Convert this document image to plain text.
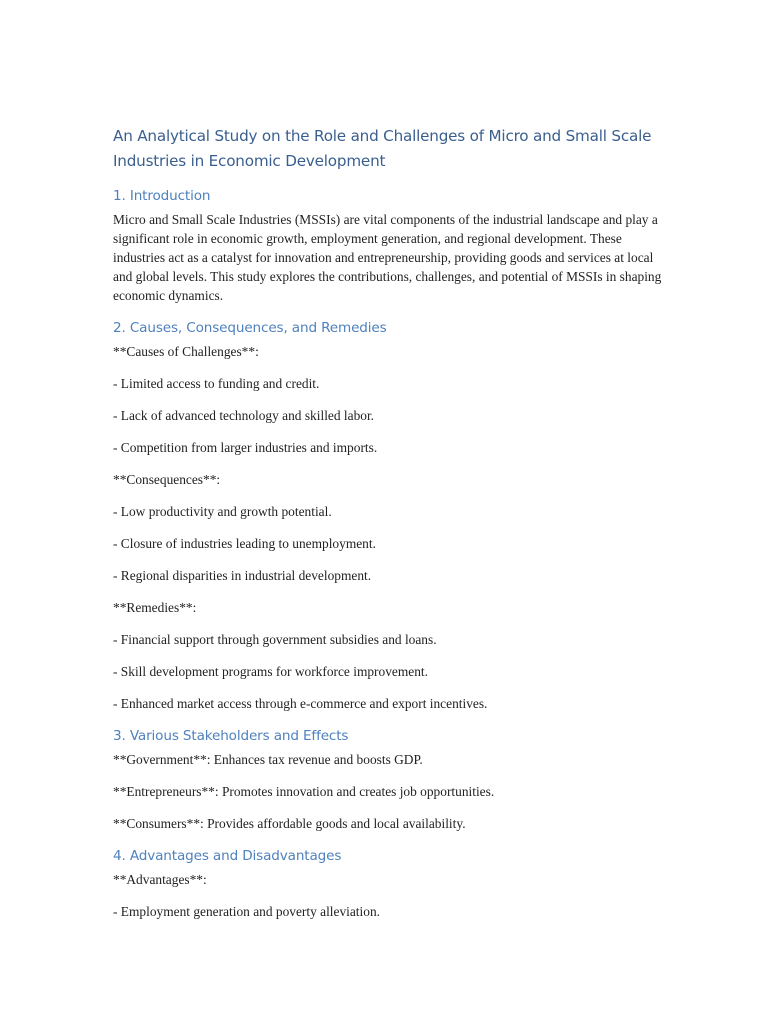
An Analytical Study on the Role and Challenges of Micro and Small Scale Industries in Economic Development
1. Introduction

Micro and Small Scale Industries (MSSIs) are vital components of the industrial landscape and play a significant role in economic growth, employment generation, and regional development. These industries act as a catalyst for innovation and entrepreneurship, providing goods and services at local and global levels. This study explores the contributions, challenges, and potential of MSSIs in shaping economic dynamics.

2. Causes, Consequences, and Remedies

**Causes of Challenges**:

- Limited access to funding and credit.

- Lack of advanced technology and skilled labor.

- Competition from larger industries and imports.

**Consequences**:

- Low productivity and growth potential.

- Closure of industries leading to unemployment.

- Regional disparities in industrial development.

**Remedies**:

- Financial support through government subsidies and loans.

- Skill development programs for workforce improvement.

- Enhanced market access through e-commerce and export incentives.

3. Various Stakeholders and Effects

**Government**: Enhances tax revenue and boosts GDP.

**Entrepreneurs**: Promotes innovation and creates job opportunities.

**Consumers**: Provides affordable goods and local availability.

4. Advantages and Disadvantages

**Advantages**:

- Employment generation and poverty alleviation.
